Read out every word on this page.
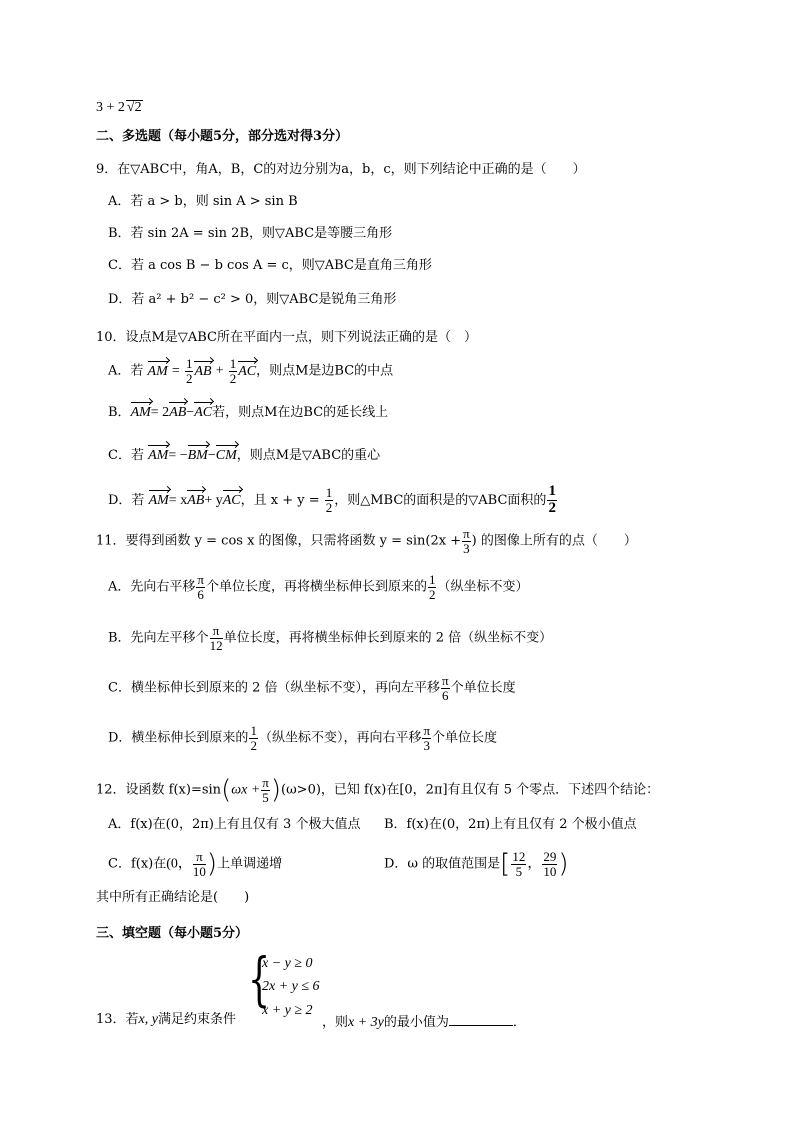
3 + 2 √2
二、多选题（每小题5分，部分选对得3分）
9．在▽ABC中，角A，B，C的对边分别为a，b，c，则下列结论中正确的是（　　）
A．若 a > b，则 sin A > sin B
B．若 sin 2A = sin 2B，则▽ABC是等腰三角形
C．若 a cos B − b cos A = c，则▽ABC是直角三角形
D．若 a² + b² − c² > 0，则▽ABC是锐角三角形
10．设点M是▽ABC所在平面内一点，则下列说法正确的是（　）
A．若 AM = $\frac{1}{2}$ AB + $\frac{1}{2}$ AC，则点M是边BC的中点
B．AM= 2AB−AC若，则点M在边BC的延长线上
C．若 AM= −BM−CM，则点M是▽ABC的重心
D．若 AM= xAB+ yAC，且 $x + y = \frac{1}{2}$ ，则△MBC的面积是的▽ABC面积的 $\frac{1}{2}$
11．要得到函数 y = cos x 的图像，只需将函数 $y = \sin(2x + \frac{\pi}{3}$ ) 的图像上所有的点（　　）
A．先向右平移 $\frac{\pi}{6}$ 个单位长度，再将横坐标伸长到原来的 $\frac{1}{2}$ （纵坐标不变）
B．先向左平移个 $\frac{\pi}{12}$ 单位长度，再将横坐标伸长到原来的 2 倍（纵坐标不变）
C．横坐标伸长到原来的 2 倍（纵坐标不变），再向左平移 $\frac{\pi}{6}$ 个单位长度
D．横坐标伸长到原来的 $\frac{1}{2}$ （纵坐标不变），再向右平移 $\frac{\pi}{3}$ 个单位长度
12．设函数 $f(x)=\sin(\omega x + \frac{\pi}{5} )(\omega>0)$，已知 f(x)在[0，2π]有且仅有 5 个零点．下述四个结论：
A．f(x)在(0，2π)上有且仅有 3 个极大值点 B．f(x)在(0，2π)上有且仅有 2 个极小值点
C．f(x)在(0， $\frac{\pi}{10}$ )上单调递增	D．ω 的取值范围是[ $\frac{12}{5}$ ， $\frac{29}{10}$ )
其中所有正确结论是(　　)
三、填空题（每小题5分）
{
x − y ≥ 0
2x + y ≤ 6
x + y ≥ 2
13．若x, y满足约束条件	，则x + 3y的最小值为	．
